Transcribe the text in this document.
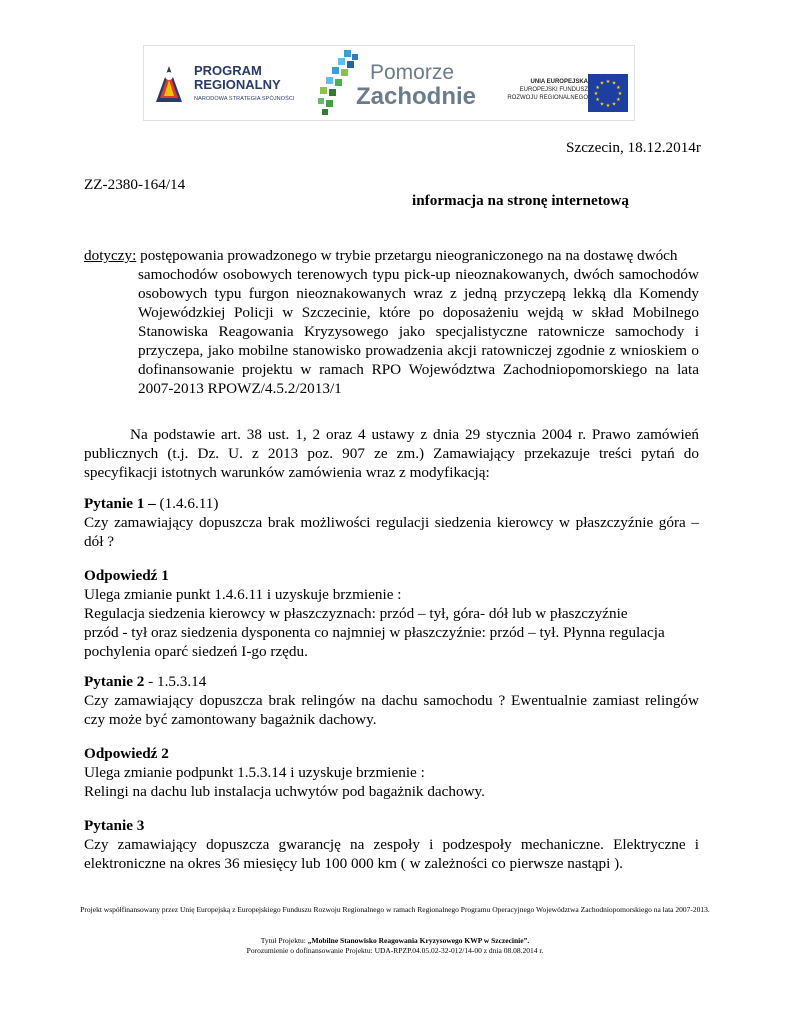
PROGRAM
REGIONALNY
NARODOWA STRATEGIA SPÓJNOŚCI
Pomorze
Zachodnie
UNIA EUROPEJSKA
EUROPEJSKI FUNDUSZ
ROZWOJU REGIONALNEGO
★ ★
★
★
★
★
★
★
★
★
★
★

Szczecin, 18.12.2014r

ZZ-2380-164/14

informacja na stronę internetową

dotyczy: postępowania prowadzonego w trybie przetargu nieograniczonego na na dostawę dwóch
samochodów osobowych terenowych typu pick-up nieoznakowanych, dwóch samochodów osobowych typu furgon nieoznakowanych wraz z jedną przyczepą lekką dla Komendy Wojewódzkiej Policji w Szczecinie, które po doposażeniu wejdą w skład Mobilnego Stanowiska Reagowania Kryzysowego jako specjalistyczne ratownicze samochody i przyczepa, jako mobilne stanowisko prowadzenia akcji ratowniczej zgodnie z wnioskiem o dofinansowanie projektu w ramach RPO Województwa Zachodniopomorskiego na lata 2007-2013 RPOWZ/4.5.2/2013/1

Na podstawie art. 38 ust. 1, 2 oraz 4 ustawy z dnia 29 stycznia 2004 r. Prawo zamówień publicznych (t.j. Dz. U. z 2013 poz. 907 ze zm.) Zamawiający przekazuje treści pytań do specyfikacji istotnych warunków zamówienia wraz z modyfikacją:

Pytanie 1 – (1.4.6.11)
Czy zamawiający dopuszcza brak możliwości regulacji siedzenia kierowcy w płaszczyźnie góra – dół ?
Odpowiedź 1
Ulega zmianie punkt 1.4.6.11 i uzyskuje brzmienie :
Regulacja siedzenia kierowcy w płaszczyznach: przód – tył, góra- dół lub w płaszczyźnie
przód - tył oraz siedzenia dysponenta co najmniej w płaszczyźnie: przód – tył. Płynna regulacja
pochylenia oparć siedzeń I-go rzędu.
Pytanie 2 - 1.5.3.14
Czy zamawiający dopuszcza brak relingów na dachu samochodu ? Ewentualnie zamiast relingów czy może być zamontowany bagażnik dachowy.
Odpowiedź 2
Ulega zmianie podpunkt 1.5.3.14 i uzyskuje brzmienie :
Relingi na dachu lub instalacja uchwytów pod bagażnik dachowy.
Pytanie 3
Czy zamawiający dopuszcza gwarancję na zespoły i podzespoły mechaniczne. Elektryczne i elektroniczne na okres 36 miesięcy lub 100 000 km ( w zależności co pierwsze nastąpi ).

Projekt współfinansowany przez Unię Europejską z Europejskiego Funduszu Rozwoju Regionalnego w ramach Regionalnego Programu Operacyjnego Województwa Zachodniopomorskiego na lata 2007-2013.

Tytuł Projektu: „Mobilne Stanowisko Reagowania Kryzysowego KWP w Szczecinie”.

Porozumienie o dofinansowanie Projektu: UDA-RPZP.04.05.02-32-012/14-00 z dnia 08.08.2014 r.
